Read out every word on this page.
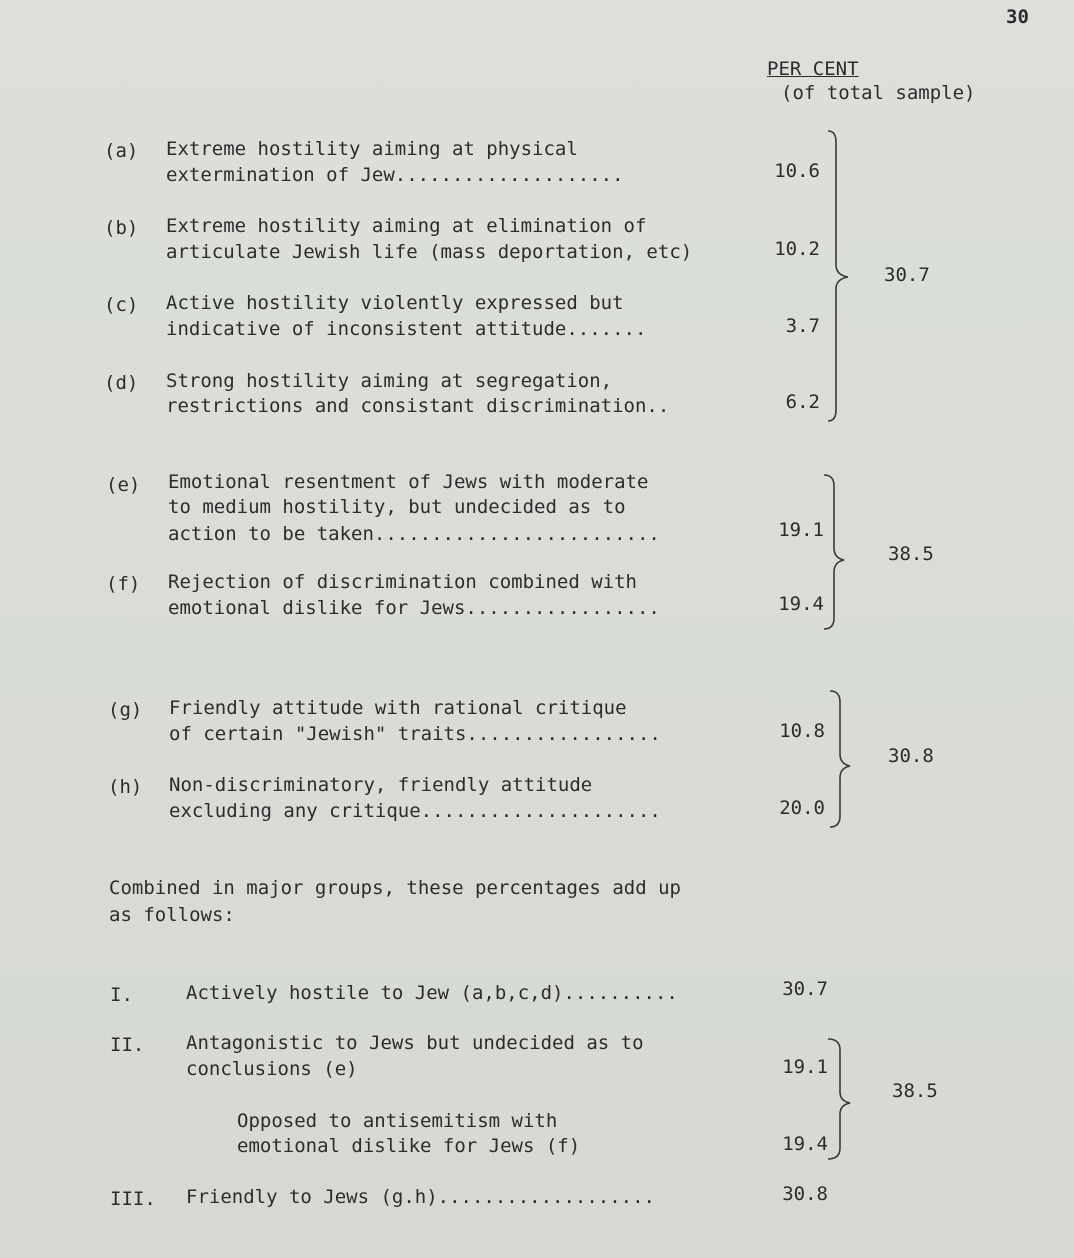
30
PER CENT
(of total sample)
(a)	Extreme hostility aiming at physical
extermination of Jew....................	10.6
(b)	Extreme hostility aiming at elimination of
articulate Jewish life (mass deportation, etc)	10.2
(c)	Active hostility violently expressed but
indicative of inconsistent attitude.......	3.7
(d)	Strong hostility aiming at segregation,
restrictions and consistant discrimination..	6.2
30.7
(e)	Emotional resentment of Jews with moderate
to medium hostility, but undecided as to
action to be taken.........................	19.1
(f)	Rejection of discrimination combined with
emotional dislike for Jews.................	19.4
38.5
(g)	Friendly attitude with rational critique
of certain "Jewish" traits.................	10.8
(h)	Non-discriminatory, friendly attitude
excluding any critique.....................	20.0
30.8
Combined in major groups, these percentages add up
as follows:
I.	Actively hostile to Jew (a,b,c,d)..........	30.7
II. Antagonistic to Jews but undecided as to
conclusions (e)	19.1
Opposed to antisemitism with
emotional dislike for Jews (f)	19.4
38.5
III. Friendly to Jews (g.h)...................	30.8
